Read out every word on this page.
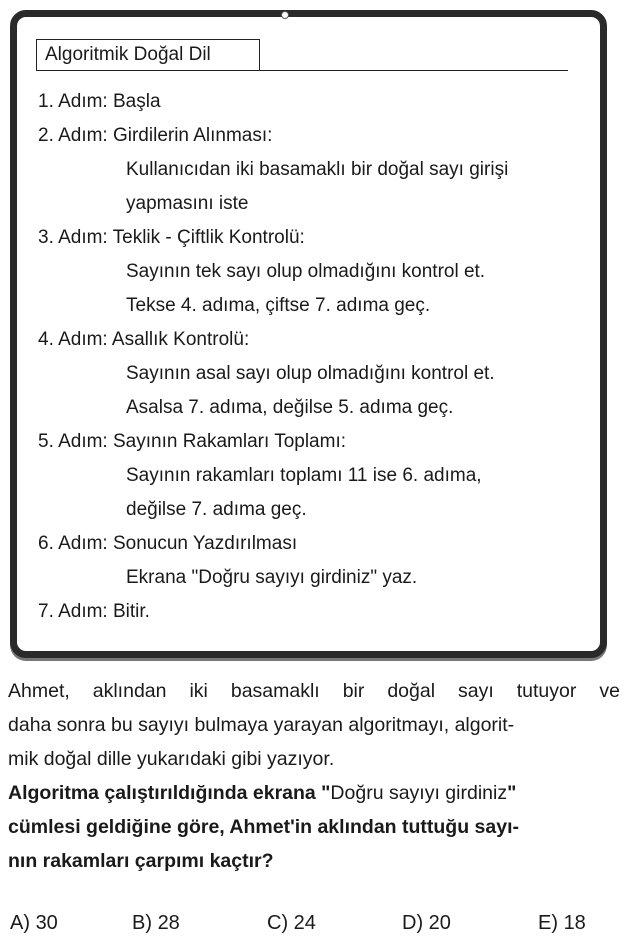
Algoritmik Doğal Dil
1. Adım: Başla
2. Adım: Girdilerin Alınması:
Kullanıcıdan iki basamaklı bir doğal sayı girişi
yapmasını iste
3. Adım: Teklik - Çiftlik Kontrolü:
Sayının tek sayı olup olmadığını kontrol et.
Tekse 4. adıma, çiftse 7. adıma geç.
4. Adım: Asallık Kontrolü:
Sayının asal sayı olup olmadığını kontrol et.
Asalsa 7. adıma, değilse 5. adıma geç.
5. Adım: Sayının Rakamları Toplamı:
Sayının rakamları toplamı 11 ise 6. adıma,
değilse 7. adıma geç.
6. Adım: Sonucun Yazdırılması
Ekrana "Doğru sayıyı girdiniz" yaz.
7. Adım: Bitir.
Ahmet, aklından iki basamaklı bir doğal sayı tutuyor ve
daha sonra bu sayıyı bulmaya yarayan algoritmayı, algorit-
mik doğal dille yukarıdaki gibi yazıyor.
Algoritma çalıştırıldığında ekrana "Doğru sayıyı girdiniz"
cümlesi geldiğine göre, Ahmet'in aklından tuttuğu sayı-
nın rakamları çarpımı kaçtır?
A) 30	B) 28	C) 24	D) 20	E) 18
